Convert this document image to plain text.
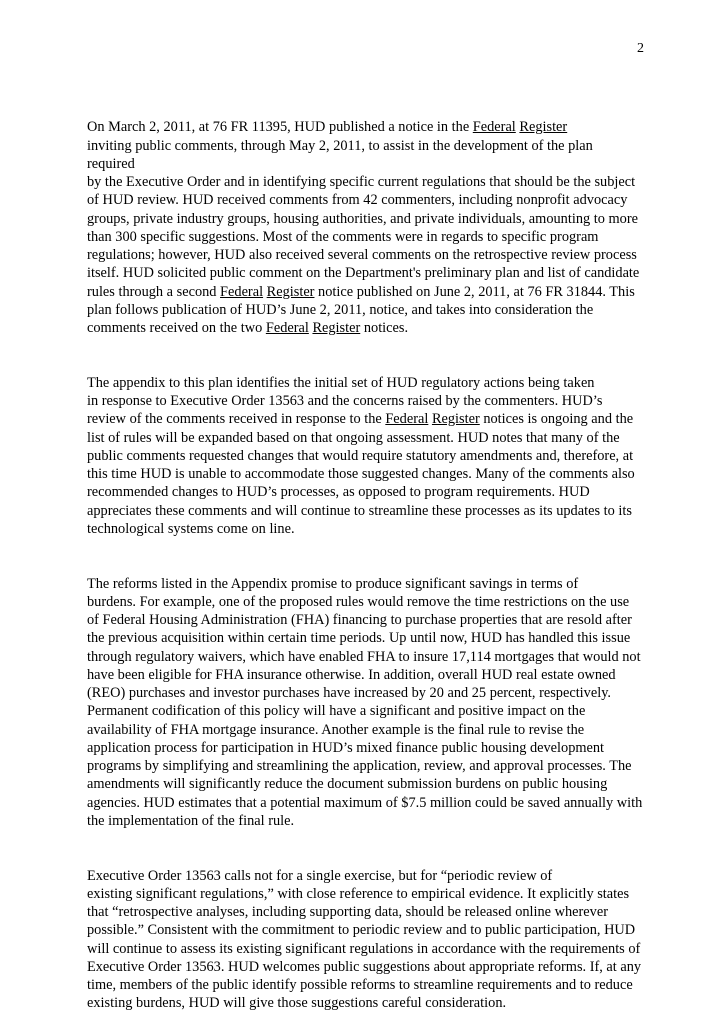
2

On March 2, 2011, at 76 FR 11395, HUD published a notice in the Federal Register
inviting public comments, through May 2, 2011, to assist in the development of the plan required
by the Executive Order and in identifying specific current regulations that should be the subject
of HUD review. HUD received comments from 42 commenters, including nonprofit advocacy
groups, private industry groups, housing authorities, and private individuals, amounting to more
than 300 specific suggestions. Most of the comments were in regards to specific program
regulations; however, HUD also received several comments on the retrospective review process
itself. HUD solicited public comment on the Department's preliminary plan and list of candidate
rules through a second Federal Register notice published on June 2, 2011, at 76 FR 31844. This
plan follows publication of HUD’s June 2, 2011, notice, and takes into consideration the
comments received on the two Federal Register notices.

The appendix to this plan identifies the initial set of HUD regulatory actions being taken
in response to Executive Order 13563 and the concerns raised by the commenters. HUD’s
review of the comments received in response to the Federal Register notices is ongoing and the
list of rules will be expanded based on that ongoing assessment. HUD notes that many of the
public comments requested changes that would require statutory amendments and, therefore, at
this time HUD is unable to accommodate those suggested changes. Many of the comments also
recommended changes to HUD’s processes, as opposed to program requirements. HUD
appreciates these comments and will continue to streamline these processes as its updates to its
technological systems come on line.

The reforms listed in the Appendix promise to produce significant savings in terms of
burdens. For example, one of the proposed rules would remove the time restrictions on the use
of Federal Housing Administration (FHA) financing to purchase properties that are resold after
the previous acquisition within certain time periods. Up until now, HUD has handled this issue
through regulatory waivers, which have enabled FHA to insure 17,114 mortgages that would not
have been eligible for FHA insurance otherwise. In addition, overall HUD real estate owned
(REO) purchases and investor purchases have increased by 20 and 25 percent, respectively.
Permanent codification of this policy will have a significant and positive impact on the
availability of FHA mortgage insurance. Another example is the final rule to revise the
application process for participation in HUD’s mixed finance public housing development
programs by simplifying and streamlining the application, review, and approval processes. The
amendments will significantly reduce the document submission burdens on public housing
agencies. HUD estimates that a potential maximum of $7.5 million could be saved annually with
the implementation of the final rule.

Executive Order 13563 calls not for a single exercise, but for “periodic review of
existing significant regulations,” with close reference to empirical evidence. It explicitly states
that “retrospective analyses, including supporting data, should be released online wherever
possible.” Consistent with the commitment to periodic review and to public participation, HUD
will continue to assess its existing significant regulations in accordance with the requirements of
Executive Order 13563. HUD welcomes public suggestions about appropriate reforms. If, at any
time, members of the public identify possible reforms to streamline requirements and to reduce
existing burdens, HUD will give those suggestions careful consideration.
